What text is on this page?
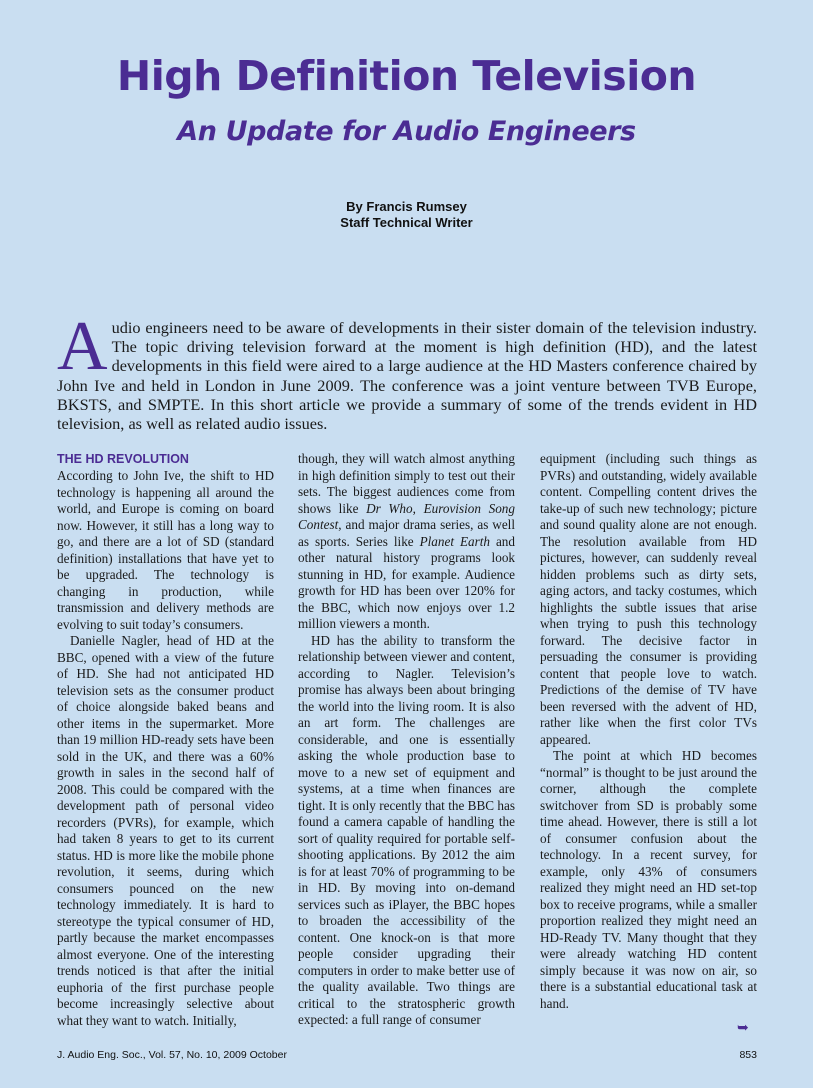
High Definition Television
An Update for Audio Engineers
By Francis Rumsey
Staff Technical Writer

Audio engineers need to be aware of developments in their sister domain of the television industry. The topic driving television forward at the moment is high definition (HD), and the latest developments in this field were aired to a large audience at the HD Masters conference chaired by John Ive and held in London in June 2009. The conference was a joint venture between TVB Europe, BKSTS, and SMPTE. In this short article we provide a summary of some of the trends evident in HD television, as well as related audio issues.

THE HD REVOLUTION

According to John Ive, the shift to HD technology is happening all around the world, and Europe is coming on board now. However, it still has a long way to go, and there are a lot of SD (standard definition) installations that have yet to be upgraded. The technology is changing in production, while transmission and delivery methods are evolving to suit today’s consumers.

Danielle Nagler, head of HD at the BBC, opened with a view of the future of HD. She had not anticipated HD television sets as the consumer product of choice alongside baked beans and other items in the supermarket. More than 19 million HD-ready sets have been sold in the UK, and there was a 60% growth in sales in the second half of 2008. This could be compared with the development path of personal video recorders (PVRs), for example, which had taken 8 years to get to its current status. HD is more like the mobile phone revolution, it seems, during which consumers pounced on the new technology immediately. It is hard to stereotype the typical consumer of HD, partly because the market encompasses almost everyone. One of the interesting trends noticed is that after the initial euphoria of the first purchase people become increasingly selective about what they want to watch. Initially,

though, they will watch almost anything in high definition simply to test out their sets. The biggest audiences come from shows like Dr Who, Eurovision Song Contest, and major drama series, as well as sports. Series like Planet Earth and other natural history programs look stunning in HD, for example. Audience growth for HD has been over 120% for the BBC, which now enjoys over 1.2 million viewers a month.

HD has the ability to transform the relationship between viewer and content, according to Nagler. Television’s promise has always been about bringing the world into the living room. It is also an art form. The challenges are considerable, and one is essentially asking the whole production base to move to a new set of equipment and systems, at a time when finances are tight. It is only recently that the BBC has found a camera capable of handling the sort of quality required for portable self-shooting applications. By 2012 the aim is for at least 70% of programming to be in HD. By moving into on-demand services such as iPlayer, the BBC hopes to broaden the accessibility of the content. One knock-on is that more people consider upgrading their computers in order to make better use of the quality available. Two things are critical to the stratospheric growth expected: a full range of consumer

equipment (including such things as PVRs) and outstanding, widely available content. Compelling content drives the take-up of such new technology; picture and sound quality alone are not enough. The resolution available from HD pictures, however, can suddenly reveal hidden problems such as dirty sets, aging actors, and tacky costumes, which highlights the subtle issues that arise when trying to push this technology forward. The decisive factor in persuading the consumer is providing content that people love to watch. Predictions of the demise of TV have been reversed with the advent of HD, rather like when the first color TVs appeared.

The point at which HD becomes “normal” is thought to be just around the corner, although the complete switchover from SD is probably some time ahead. However, there is still a lot of consumer confusion about the technology. In a recent survey, for example, only 43% of consumers realized they might need an HD set-top box to receive programs, while a smaller proportion realized they might need an HD-Ready TV. Many thought that they were already watching HD content simply because it was now on air, so there is a substantial educational task at hand.

➥
J. Audio Eng. Soc., Vol. 57, No. 10, 2009 October	853
